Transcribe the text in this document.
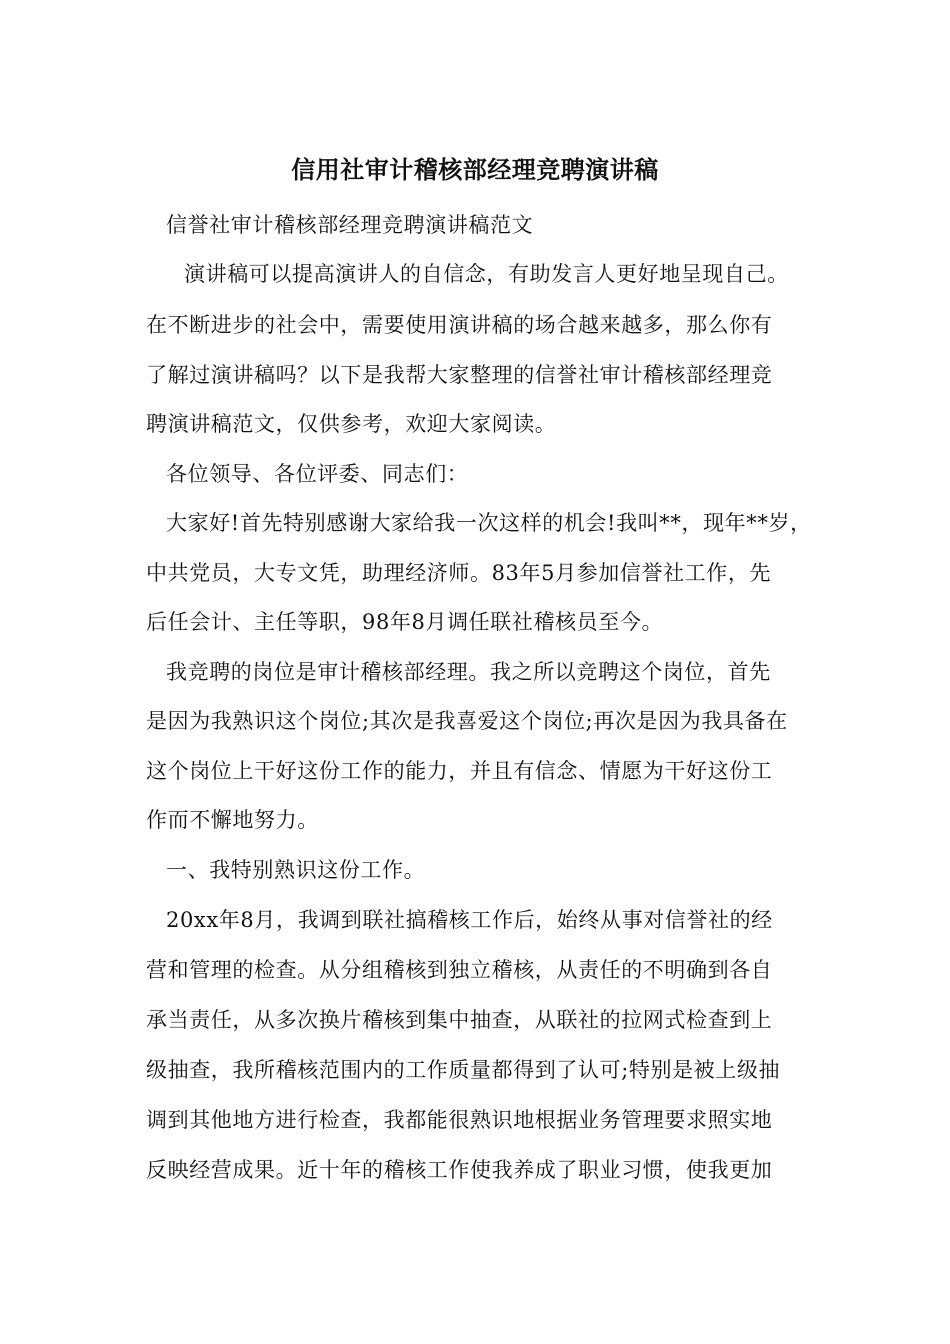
信用社审计稽核部经理竞聘演讲稿
信誉社审计稽核部经理竞聘演讲稿范文
演讲稿可以提高演讲人的自信念，有助发言人更好地呈现自己。
在不断进步的社会中，需要使用演讲稿的场合越来越多，那么你有
了解过演讲稿吗？以下是我帮大家整理的信誉社审计稽核部经理竞
聘演讲稿范文，仅供参考，欢迎大家阅读。
各位领导、各位评委、同志们：
大家好!首先特别感谢大家给我一次这样的机会!我叫**，现年**岁，
中共党员，大专文凭，助理经济师。83年5月参加信誉社工作，先
后任会计、主任等职，98年8月调任联社稽核员至今。
我竞聘的岗位是审计稽核部经理。我之所以竞聘这个岗位，首先
是因为我熟识这个岗位;其次是我喜爱这个岗位;再次是因为我具备在
这个岗位上干好这份工作的能力，并且有信念、情愿为干好这份工
作而不懈地努力。
一、我特别熟识这份工作。
20xx年8月，我调到联社搞稽核工作后，始终从事对信誉社的经
营和管理的检查。从分组稽核到独立稽核，从责任的不明确到各自
承当责任，从多次换片稽核到集中抽查，从联社的拉网式检查到上
级抽查，我所稽核范围内的工作质量都得到了认可;特别是被上级抽
调到其他地方进行检查，我都能很熟识地根据业务管理要求照实地
反映经营成果。近十年的稽核工作使我养成了职业习惯，使我更加
